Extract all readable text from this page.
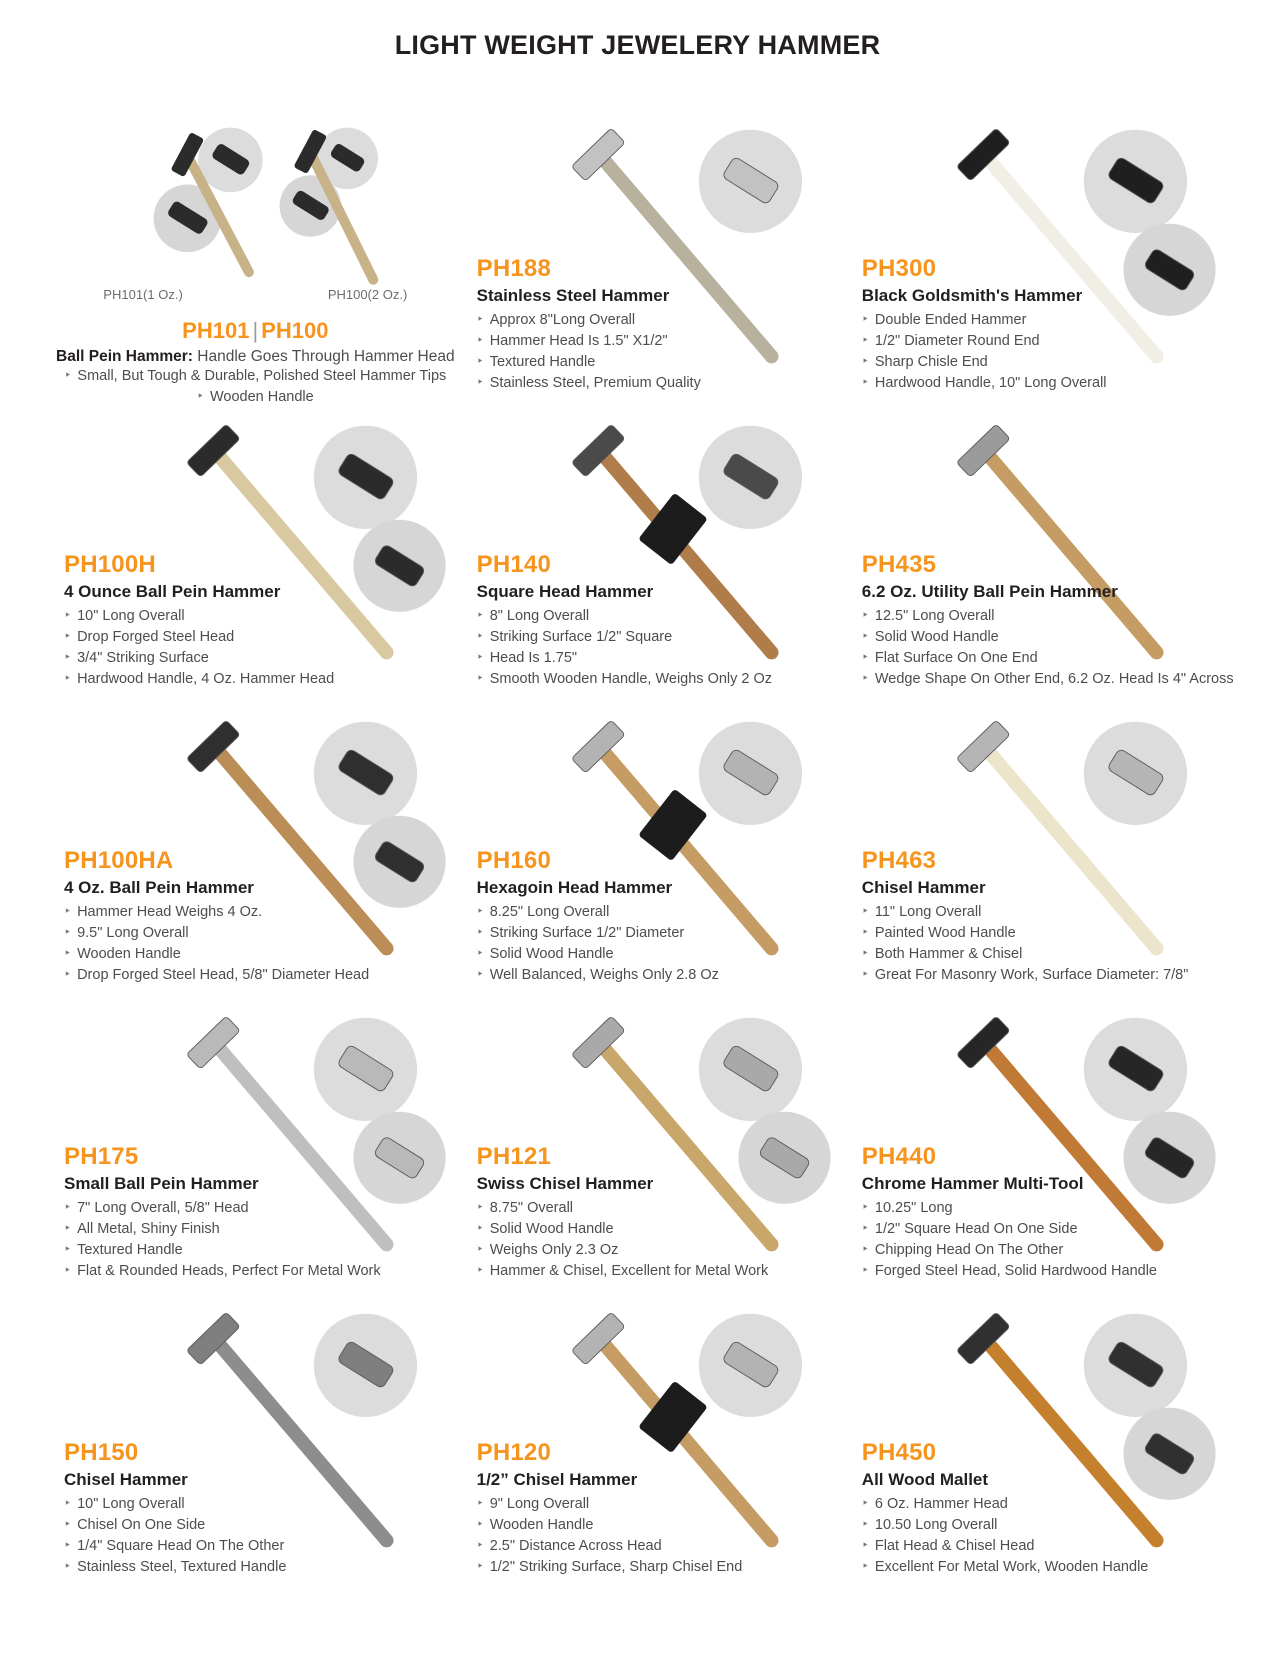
LIGHT WEIGHT JEWELERY HAMMER
PH101(1 Oz.)	PH100(2 Oz.)
PH101 | PH100
Ball Pein Hammer: Handle Goes Through Hammer Head
‣ Small, But Tough & Durable, Polished Steel Hammer Tips
‣ Wooden Handle
PH188
Stainless Steel Hammer
‣ Approx 8"Long Overall
‣ Hammer Head Is 1.5" X1/2"
‣ Textured Handle
‣ Stainless Steel, Premium Quality
PH300
Black Goldsmith's Hammer
‣ Double Ended Hammer
‣ 1/2" Diameter Round End
‣ Sharp Chisle End
‣ Hardwood Handle, 10" Long Overall
PH100H
4 Ounce Ball Pein Hammer
‣ 10" Long Overall
‣ Drop Forged Steel Head
‣ 3/4" Striking Surface
‣ Hardwood Handle, 4 Oz. Hammer Head
PH140
Square Head Hammer
‣ 8" Long Overall
‣ Striking Surface 1/2" Square
‣ Head Is 1.75"
‣ Smooth Wooden Handle, Weighs Only 2 Oz
PH435
6.2 Oz. Utility Ball Pein Hammer
‣ 12.5" Long Overall
‣ Solid Wood Handle
‣ Flat Surface On One End
‣ Wedge Shape On Other End, 6.2 Oz. Head Is 4" Across
PH100HA
4 Oz. Ball Pein Hammer
‣ Hammer Head Weighs 4 Oz.
‣ 9.5" Long Overall
‣ Wooden Handle
‣ Drop Forged Steel Head, 5/8" Diameter Head
PH160
Hexagoin Head Hammer
‣ 8.25" Long Overall
‣ Striking Surface 1/2" Diameter
‣ Solid Wood Handle
‣ Well Balanced, Weighs Only 2.8 Oz
PH463
Chisel Hammer
‣ 11" Long Overall
‣ Painted Wood Handle
‣ Both Hammer & Chisel
‣ Great For Masonry Work, Surface Diameter: 7/8"
PH175
Small Ball Pein Hammer
‣ 7" Long Overall, 5/8" Head
‣ All Metal, Shiny Finish
‣ Textured Handle
‣ Flat & Rounded Heads, Perfect For Metal Work
PH121
Swiss Chisel Hammer
‣ 8.75" Overall
‣ Solid Wood Handle
‣ Weighs Only 2.3 Oz
‣ Hammer & Chisel, Excellent for Metal Work
PH440
Chrome Hammer Multi-Tool
‣ 10.25" Long
‣ 1/2" Square Head On One Side
‣ Chipping Head On The Other
‣ Forged Steel Head, Solid Hardwood Handle
PH150
Chisel Hammer
‣ 10" Long Overall
‣ Chisel On One Side
‣ 1/4" Square Head On The Other
‣ Stainless Steel, Textured Handle
PH120
1/2” Chisel Hammer
‣ 9" Long Overall
‣ Wooden Handle
‣ 2.5" Distance Across Head
‣ 1/2" Striking Surface, Sharp Chisel End
PH450
All Wood Mallet
‣ 6 Oz. Hammer Head
‣ 10.50 Long Overall
‣ Flat Head & Chisel Head
‣ Excellent For Metal Work, Wooden Handle
